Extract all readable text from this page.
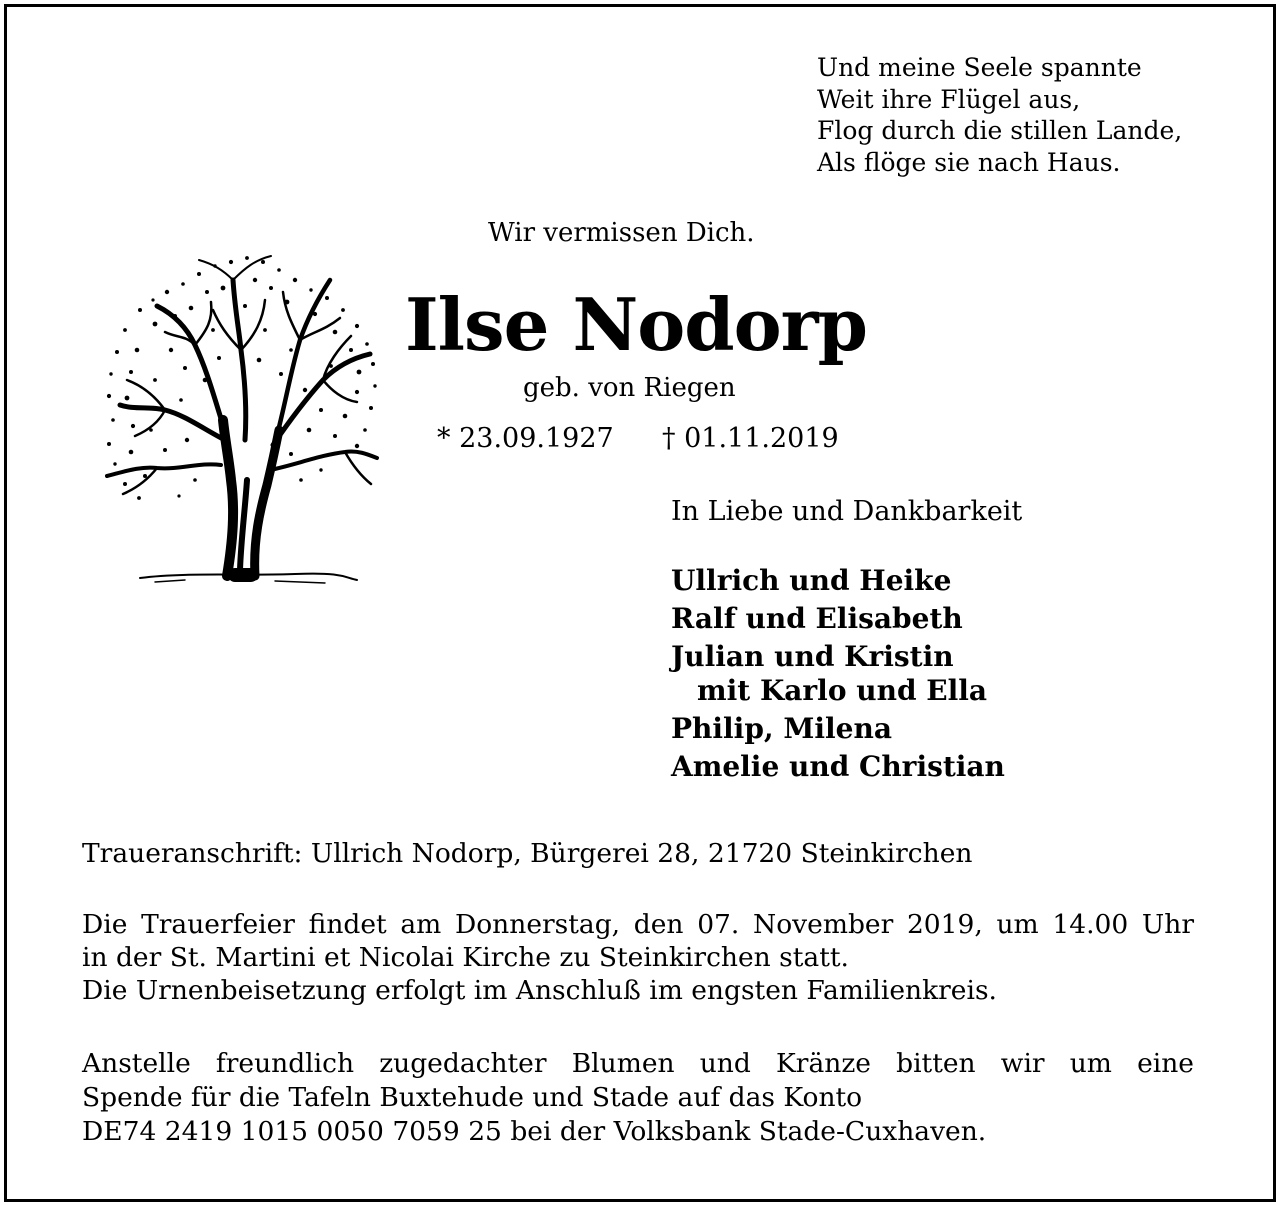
Und meine Seele spannte
Weit ihre Flügel aus,
Flog durch die stillen Lande,
Als flöge sie nach Haus.
Wir vermissen Dich.
Ilse Nodorp
geb. von Riegen
* 23.09.1927 † 01.11.2019
In Liebe und Dankbarkeit
Ullrich und Heike
Ralf und Elisabeth
Julian und Kristin
mit Karlo und Ella
Philip, Milena
Amelie und Christian
Traueranschrift: Ullrich Nodorp, Bürgerei 28, 21720 Steinkirchen
Die Trauerfeier findet am Donnerstag, den 07. November 2019, um 14.00 Uhr
in der St. Martini et Nicolai Kirche zu Steinkirchen statt.
Die Urnenbeisetzung erfolgt im Anschluß im engsten Familienkreis.
Anstelle freundlich zugedachter Blumen und Kränze bitten wir um eine
Spende für die Tafeln Buxtehude und Stade auf das Konto
DE74 2419 1015 0050 7059 25 bei der Volksbank Stade-Cuxhaven.
